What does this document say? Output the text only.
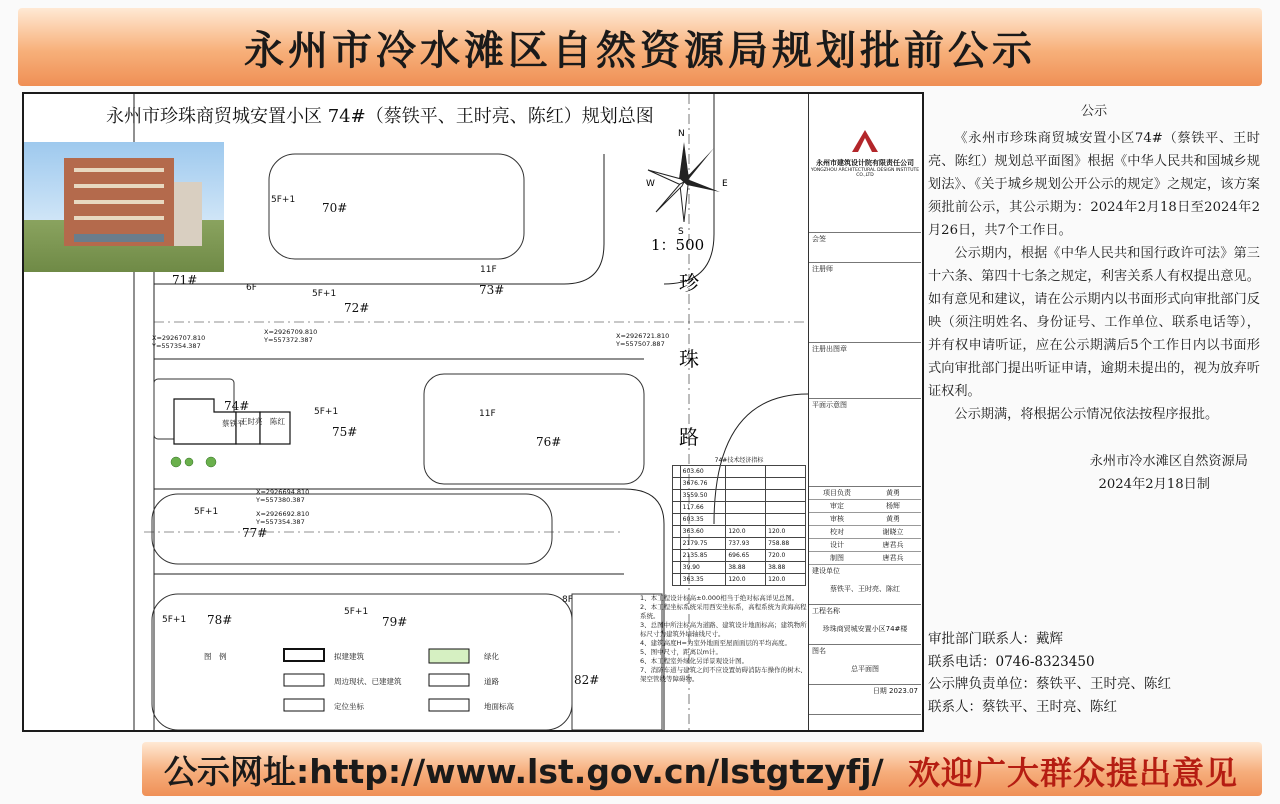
永州市冷水滩区自然资源局规划批前公示
N
S
W	E
1：500
珍
珠
路
70#
71#
72#
73#
74#
75#
76#
77#
78#	79#
82#
5F+1
6F
5F+1
11F
5F+1	11F
5F+1
5F+1
5F+1
8F
蔡铁平
王时亮 陈红
X=2926707.810
Y=557354.387
X=2926709.810
Y=557372.387	X=2926721.810
Y=557507.887
X=2926694.810
Y=557380.387
X=2926692.810
Y=557354.387
图　例	拟建建筑
周边现状、已建建筑
定位坐标
绿化
道路
地面标高
永州市珍珠商贸城安置小区 74#（蔡铁平、王时亮、陈红）规划总图
74#技术经济指标			
	603.60		
	3676.76		
	3559.50		
	117.66		
	603.35		
	363.60	120.0	120.0
	2179.75	737.93	758.88
	2135.85	696.65	720.0
	39.90	38.88	38.88
	363.35	120.0	120.0
1、本工程设计标高±0.000相当于绝对标高详见总图。
2、本工程坐标系统采用西安坐标系，高程系统为黄海高程系统。
3、总图中所注标高为道路、建筑设计地面标高；建筑物所标尺寸为建筑外墙轴线尺寸。
4、建筑高度H=为室外地面至屋面面层的平均高度。
5、图中尺寸，距离以m计。
6、本工程室外绿化另详景观设计图。
7、消防车道与建筑之间不应设置妨碍消防车操作的树木、架空管线等障碍物。
永州市建筑设计院有限责任公司
YONGZHOU ARCHITECTURAL DESIGN INSTITUTE CO.,LTD
会签
注册师
注册出图章
平面示意图
项目负责	黄勇
审定	杨辉
审核	黄勇
校对	谢晓立
设计	唐君兵
制图	唐君兵
建设单位
蔡铁平、王时亮、陈红
工程名称
珍珠商贸城安置小区74#楼
图名
总平面图
日期 2023.07
公示

《永州市珍珠商贸城安置小区74#（蔡铁平、王时亮、陈红）规划总平面图》根据《中华人民共和国城乡规划法》、《关于城乡规划公开公示的规定》之规定，该方案须批前公示，其公示期为：2024年2月18日至2024年2月26日，共7个工作日。

公示期内，根据《中华人民共和国行政许可法》第三十六条、第四十七条之规定，利害关系人有权提出意见。如有意见和建议，请在公示期内以书面形式向审批部门反映（须注明姓名、身份证号、工作单位、联系电话等），并有权申请听证，应在公示期满后5个工作日内以书面形式向审批部门提出听证申请，逾期未提出的，视为放弃听证权利。

公示期满，将根据公示情况依法按程序报批。

永州市冷水滩区自然资源局
2024年2月18日制
审批部门联系人：戴辉
联系电话：0746-8323450
公示牌负责单位：蔡铁平、王时亮、陈红
联系人：蔡铁平、王时亮、陈红
公示网址:http://www.lst.gov.cn/lstgtzyfj/ 欢迎广大群众提出意见
